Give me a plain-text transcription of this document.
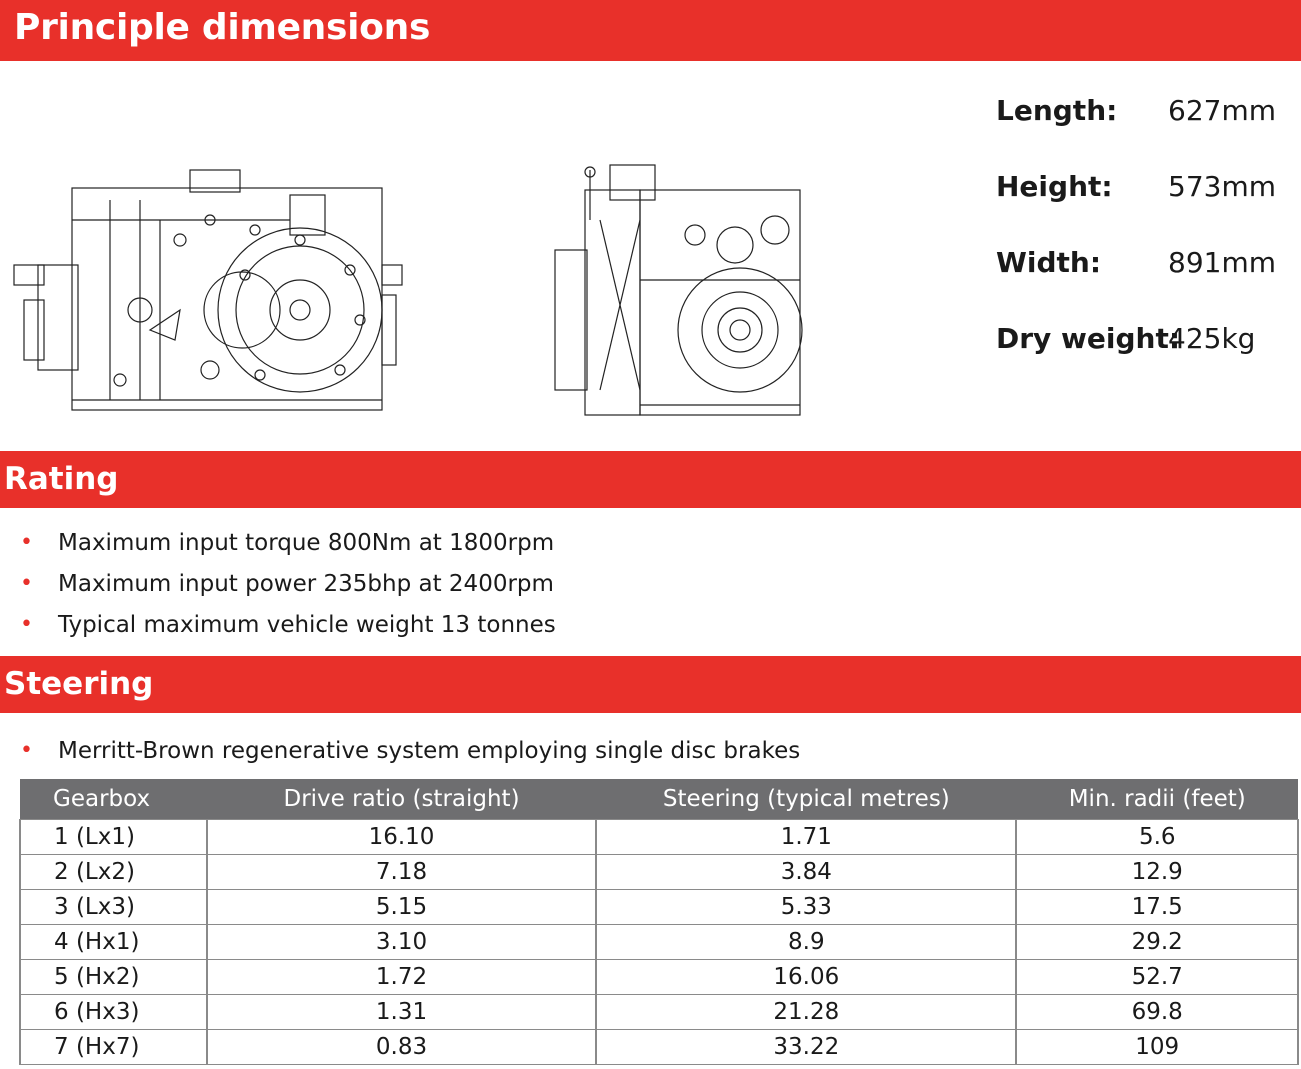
Principle dimensions
Length: 627mm
Height: 573mm
Width: 891mm
Dry weight:
425kg
Rating
• Maximum input torque 800Nm at 1800rpm
• Maximum input power 235bhp at 2400rpm
• Typical maximum vehicle weight 13 tonnes
Steering
• Merritt-Brown regenerative system employing single disc brakes
Gearbox	Drive ratio (straight)	Steering (typical metres)	Min. radii (feet)
1 (Lx1)	16.10	1.71	5.6
2 (Lx2)	7.18	3.84	12.9
3 (Lx3)	5.15	5.33	17.5
4 (Hx1)	3.10	8.9	29.2
5 (Hx2)	1.72	16.06	52.7
6 (Hx3)	1.31	21.28	69.8
7 (Hx7)	0.83	33.22	109
